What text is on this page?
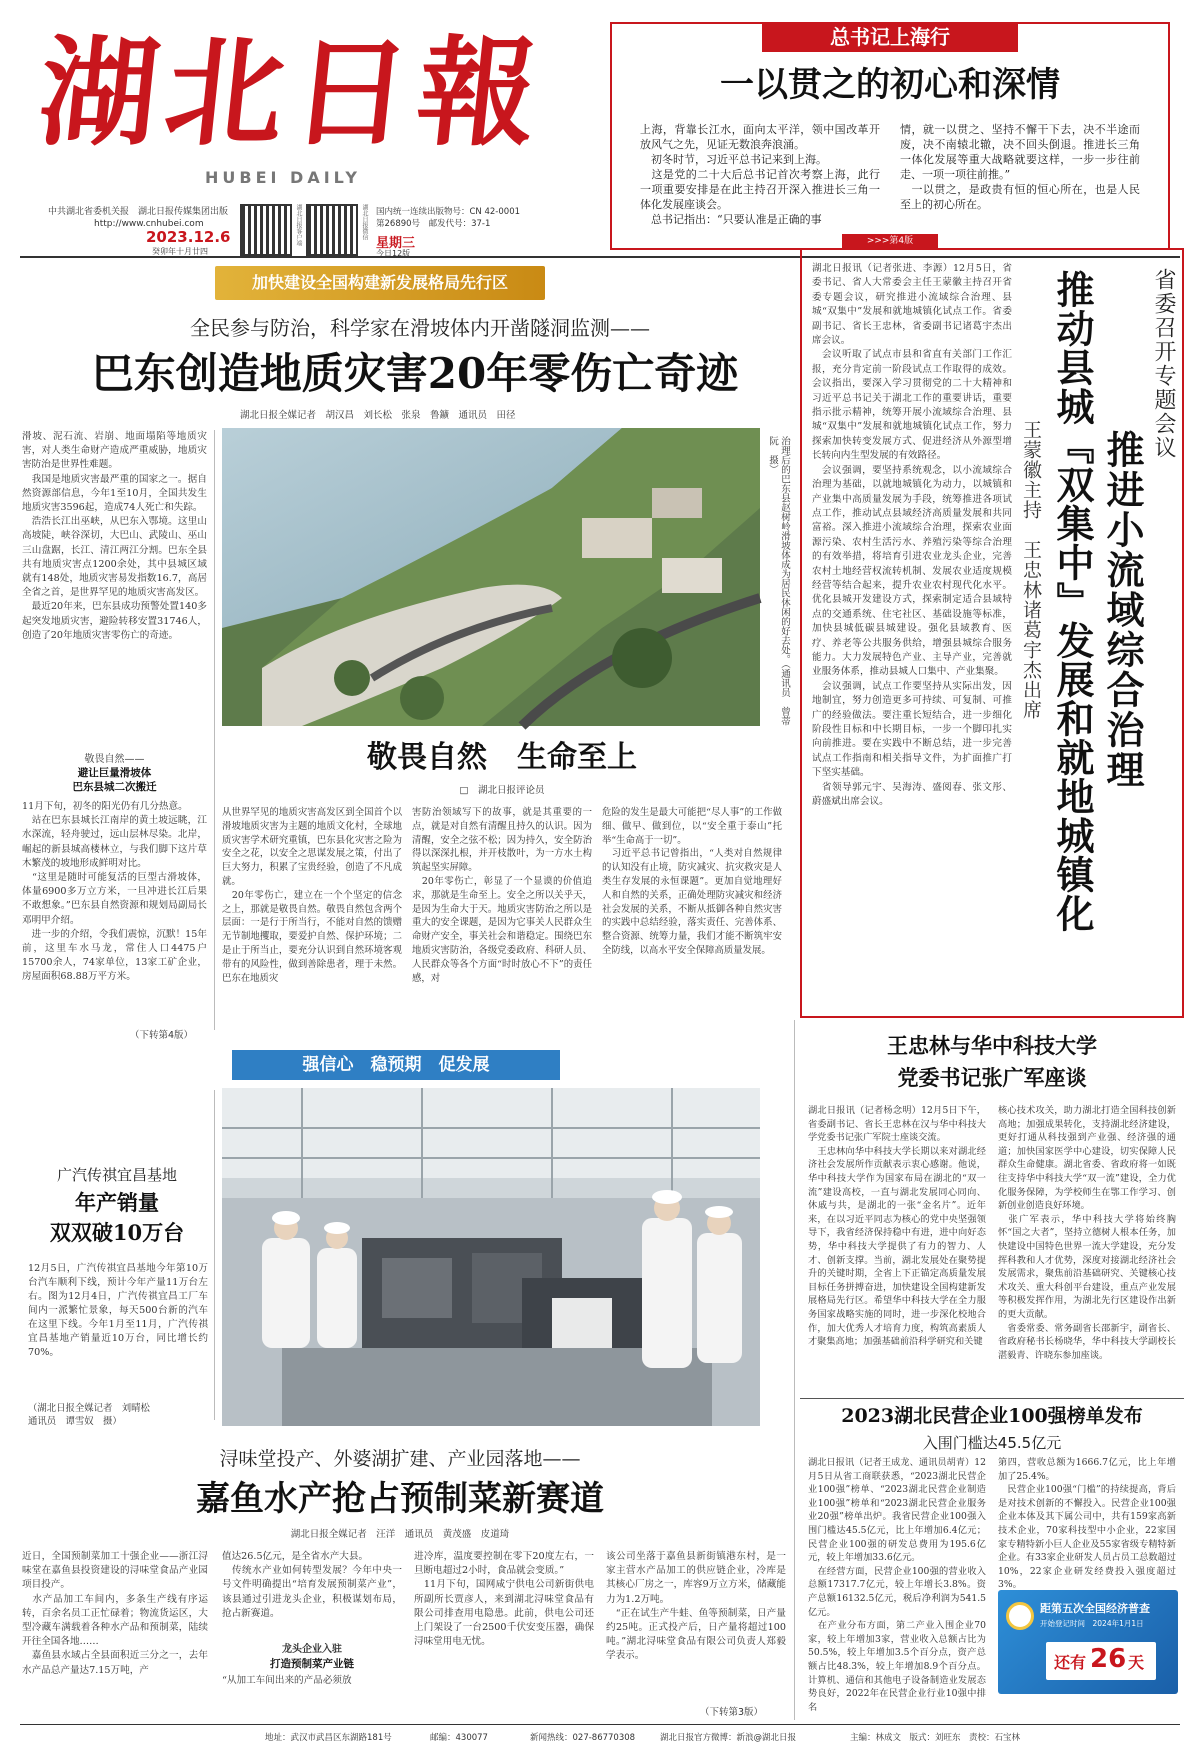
湖北日報
HUBEI DAILY
中共湖北省委机关报　 湖北日报传媒集团出版
http://www.cnhubei.com
2023.12.6
癸卯年十月廿四
湖北日报客户端	湖北日报微信 国内统一连续出版物号：CN 42-0001
第26890号　 邮发代号：37-1
星期三
今日12版
总书记上海行
一以贯之的初心和深情
上海，背靠长江水，面向太平洋，领中国改革开放风气之先，见证无数浪奔浪涌。
　初冬时节，习近平总书记来到上海。
　这是党的二十大后总书记首次考察上海，此行一项重要安排是在此主持召开深入推进长三角一体化发展座谈会。
　总书记指出：“只要认准是正确的事
情，就一以贯之、坚持不懈干下去，决不半途而废，决不南辕北辙，决不回头倒退。推进长三角一体化发展等重大战略就要这样，一步一步往前走、一项一项往前推。”
　一以贯之，是政贵有恒的恒心所在，也是人民至上的初心所在。
>>>第4版
加快建设全国构建新发展格局先行区
全民参与防治，科学家在滑坡体内开凿隧洞监测——
巴东创造地质灾害20年零伤亡奇迹
湖北日报全媒记者　胡汉昌　刘长松　张泉　鲁鑛　通讯员　田径
滑坡、泥石流、岩崩、地面塌陷等地质灾害，对人类生命财产造成严重威胁，地质灾害防治是世界性难题。
　我国是地质灾害最严重的国家之一。据自然资源部信息，今年1至10月，全国共发生地质灾害3596起，造成74人死亡和失踪。
　浩浩长江出巫峡，从巴东入鄂境。这里山高坡陡，峡谷深切，大巴山、武陵山、巫山三山盘踞，长江、清江两江分割。巴东全县共有地质灾害点1200余处，其中县城区域就有148处，地质灾害易发指数16.7，高居全省之首，是世界罕见的地质灾害高发区。
　最近20年来，巴东县成功预警处置140多起突发地质灾害，避险转移安置31746人，创造了20年地质灾害零伤亡的奇迹。
敬畏自然——
避让巨量滑坡体
巴东县城二次搬迁
11月下旬，初冬的阳光仍有几分热意。
　站在巴东县城长江南岸的黄土坡远眺，江水深流，轻舟驶过，远山层林尽染。北岸，崛起的新县城高楼林立，与我们脚下这片草木繁茂的坡地形成鲜明对比。
　“这里是随时可能复活的巨型古滑坡体，体量6900多万立方米，一旦冲进长江后果不敢想象。”巴东县自然资源和规划局副局长邓明甲介绍。
　进一步的介绍，令我们震惊，沉默！15年前，这里车水马龙，常住人口4475户15700余人，74家单位，13家工矿企业，房屋面积68.88万平方米。
（下转第4版）
治理后的巴东县赵树岭滑坡体成为居民休闲的好去处。（通讯员　曾蒂阮　摄）
敬畏自然　生命至上
□　湖北日报评论员
从世界罕见的地质灾害高发区到全国首个以滑坡地质灾害为主题的地质文化村，全球地质灾害学术研究重镇，巴东县化灾害之险为安全之花，以安全之思谋发展之策，付出了巨大努力，积累了宝贵经验，创造了不凡成就。
　20年零伤亡，建立在一个个坚定的信念之上，那就是敬畏自然。敬畏自然包含两个层面：一是行于所当行，不能对自然的馈赠无节制地攫取，要爱护自然、保护环境；二是止于所当止，要充分认识到自然环境客观带有的风险性，做到善除患者，理于未然。巴东在地质灾
害防治领域写下的故事，就是其重要的一点，就是对自然有清醒且持久的认识。因为清醒，安全之弦不松；因为持久，安全防治得以深深扎根，并开枝散叶，为一方水土构筑起坚实屏障。
　20年零伤亡，彰显了一个显谟的价值追求，那就是生命至上。安全之所以关乎天，是因为生命大于天。地质灾害防治之所以是重大的安全课题，是因为它事关人民群众生命财产安全，事关社会和谐稳定。围绕巴东地质灾害防治，各级党委政府、科研人员、人民群众等各个方面“时时放心不下”的责任感，对
危险的发生是最大可能把“尽人事”的工作做细、做早、做到位，以“安全重于泰山”托举“生命高于一切”。
　习近平总书记曾指出，“人类对自然规律的认知没有止境，防灾减灾、抗灾救灾是人类生存发展的永恒课题”。更加自觉地理好人和自然的关系，正确处理防灾减灾和经济社会发展的关系，不断从抵御各种自然灾害的实践中总结经验，落实责任、完善体系、整合资源、统筹力量，我们才能不断筑牢安全防线，以高水平安全保障高质量发展。
湖北日报讯（记者张进、李源）12月5日，省委书记、省人大常委会主任王蒙徽主持召开省委专题会议，研究推进小流域综合治理、县城“双集中”发展和就地城镇化试点工作。省委副书记、省长王忠林，省委副书记诸葛宇杰出席会议。
　会议听取了试点市县和省直有关部门工作汇报，充分肯定前一阶段试点工作取得的成效。会议指出，要深入学习贯彻党的二十大精神和习近平总书记关于湖北工作的重要讲话，重要指示批示精神，统筹开展小流域综合治理、县城“双集中”发展和就地城镇化试点工作，努力探索加快转变发展方式、促进经济从外源型增长转向内生型发展的有效路径。
　会议强调，要坚持系统观念，以小流域综合治理为基础，以就地城镇化为动力，以城镇和产业集中高质量发展为手段，统筹推进各项试点工作，推动试点县域经济高质量发展和共同富裕。深入推进小流域综合治理，探索农业面源污染、农村生活污水、养殖污染等综合治理的有效举措，将培育引进农业龙头企业，完善农村土地经营权流转机制、发展农业适度规模经营等结合起来，提升农业农村现代化水平。优化县城开发建设方式，探索制定适合县域特点的交通系统、住宅社区、基础设施等标准，加快县城低碳县城建设。强化县域教育、医疗、养老等公共服务供给，增强县城综合服务能力。大力发展特色产业、主导产业，完善就业服务体系，推动县城人口集中、产业集聚。
　会议强调，试点工作要坚持从实际出发，因地制宜，努力创造更多可持续、可复制、可推广的经验做法。要注重长短结合，进一步细化阶段性目标和中长期目标，一步一个脚印扎实向前推进。要在实践中不断总结，进一步完善试点工作指南和相关指导文件，为扩面推广打下坚实基础。
　省领导郭元宇、吴海涛、盛阅春、张文彤、蔚盛斌出席会议。
省委召开专题会议
推进小流域综合治理
推动县城『双集中』发展和就地城镇化
王蒙徽主持　王忠林诸葛宇杰出席
王忠林与华中科技大学
党委书记张广军座谈
湖北日报讯（记者杨念明）12月5日下午，省委副书记、省长王忠林在汉与华中科技大学党委书记张广军院士座谈交流。
　王忠林向华中科技大学长期以来对湖北经济社会发展所作贡献表示衷心感谢。他说，华中科技大学作为国家布局在湖北的“双一流”建设高校，一直与湖北发展同心同向、休戚与共，是湖北的一张“金名片”。近年来，在以习近平同志为核心的党中央坚强领导下，我省经济保持稳中有进，进中向好态势，华中科技大学提供了有力的智力、人才、创新支撑。当前，湖北发展处在聚势提升的关键时期，全省上下正锚定高质量发展目标任务拼搏奋进，加快建设全国构建新发展格局先行区。希望华中科技大学在全力服务国家战略实施的同时，进一步深化校地合作，加大优秀人才培育力度，构筑高素质人才聚集高地；加强基础前沿科学研究和关键
核心技术攻关，助力湖北打造全国科技创新高地；加强成果转化，支持湖北经济建设，更好打通从科技强到产业强、经济强的通道；加快国家医学中心建设，切实保障人民群众生命健康。湖北省委、省政府将一如既往支持华中科技大学“双一流”建设，全力优化服务保障，为学校师生在鄂工作学习、创新创业创造良好环境。
　张广军表示，华中科技大学将始终胸怀“国之大者”，坚持立德树人根本任务，加快建设中国特色世界一流大学建设，充分发挥科教和人才优势，深度对接湖北经济社会发展需求，聚焦前沿基础研究、关键核心技术攻关、重大科创平台建设，重点产业发展等积极发挥作用，为湖北先行区建设作出新的更大贡献。
　省委常委、常务副省长邵新宇，副省长、省政府秘书长杨晓华，华中科技大学副校长湛毅青、许晓东参加座谈。
2023湖北民营企业100强榜单发布
入围门槛达45.5亿元
湖北日报讯（记者王成龙、通讯员胡青）12月5日从省工商联获悉，“2023湖北民营企业100强”榜单、“2023湖北民营企业制造业100强”榜单和“2023湖北民营企业服务业20强”榜单出炉。我省民营企业100强入围门槛达45.5亿元，比上年增加6.4亿元；民营企业100强的研发总费用为195.6亿元，较上年增加33.6亿元。
　在经营方面，民营企业100强的营业收入总额17317.7亿元，较上年增长3.8%。资产总额16132.5亿元，税后净利润为541.5亿元。
　在产业分布方面，第二产业入围企业70家，较上年增加3家，营业收入总额占比为50.5%，较上年增加3.5个百分点，资产总额占比48.3%，较上年增加8.9个百分点。计算机、通信和其他电子设备制造业发展态势良好，2022年在民营企业行业10强中排名
第四，营收总额为1666.7亿元，比上年增加了25.4%。
　民营企业100强“门槛”的持续提高，背后是对技术创新的不懈投入。民营企业100强企业本体及其下属公司中，共有159家高新技术企业，70家科技型中小企业，22家国家专精特新小巨人企业及55家省级专精特新企业。有33家企业研发人员占员工总数超过10%，22家企业研发经费投入强度超过3%。
距第五次全国经济普查
开始登记时间　2024年1月1日
还有 26 天
强信心　稳预期　促发展
广汽传祺宜昌基地
年产销量
双双破10万台
12月5日，广汽传祺宜昌基地今年第10万台汽车顺利下线，预计今年产量11万台左右。图为12月4日，广汽传祺宜昌工厂车间内一派繁忙景象，每天500台新的汽车在这里下线。今年1月至11月，广汽传祺宜昌基地产销量近10万台，同比增长约70%。
（湖北日报全媒记者　刘晴松
通讯员　谭雪奴　摄）
浔味堂投产、外婆湖扩建、产业园落地——
嘉鱼水产抢占预制菜新赛道
湖北日报全媒记者　汪洋　通讯员　黄茂盛　皮道琦
近日，全国预制菜加工十强企业——浙江浔味堂在嘉鱼县投资建设的浔味堂食品产业园项目投产。
　水产品加工车间内，多条生产线有序运转，百余名员工正忙碌着；物流货运区，大型冷藏车满载着各种水产品和预制菜，陆续开往全国各地……
　嘉鱼县水域占全县面积近三分之一，去年水产品总产量达7.15万吨，产
值达26.5亿元，是全省水产大县。
　传统水产业如何转型发展？今年中央一号文件明确提出“培育发展预制菜产业”，该县通过引进龙头企业，积极谋划布局，抢占新赛道。
龙头企业入驻
打造预制菜产业链
“从加工车间出来的产品必须放
进冷库，温度要控制在零下20度左右，一旦断电超过2小时，食品就会变质。”
　11月下旬，国网咸宁供电公司新街供电所副所长贾彦人，来到湖北浔味堂食品有限公司排查用电隐患。此前，供电公司还上门架设了一台2500千伏安变压器，确保浔味堂用电无忧。
该公司坐落于嘉鱼县新街镇港东村，是一家主营水产品加工的供应链企业，冷库是其核心厂房之一，库容9万立方米，储藏能力为1.2万吨。
　“正在试生产牛蛙、鱼等预制菜，日产量约25吨。正式投产后，日产量将超过100吨。”湖北浔味堂食品有限公司负责人郑毅学表示。
（下转第3版）
地址：武汉市武昌区东湖路181号	邮编：430077	新闻热线：027-86770308	湖北日报官方微博：新浪@湖北日报	主编：林成文　版式：刘旺东　责校：石宝林
